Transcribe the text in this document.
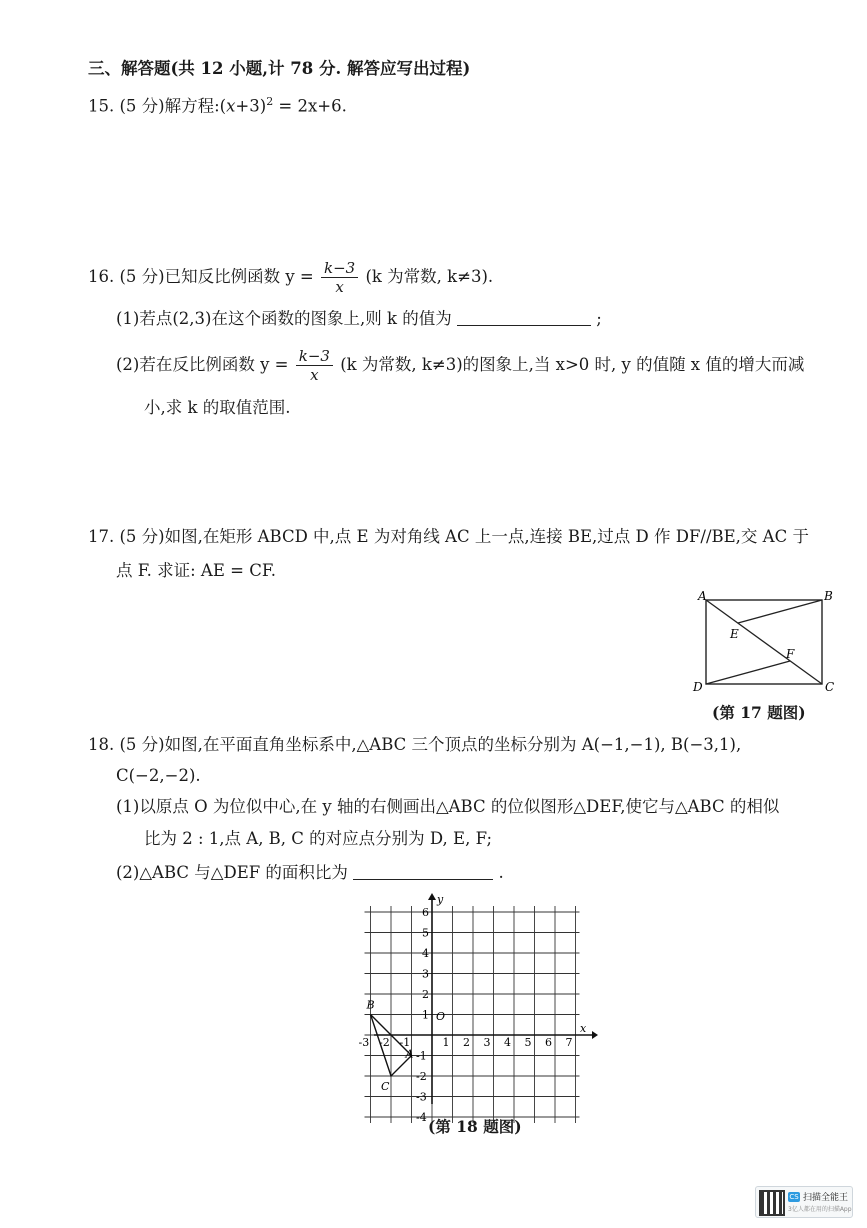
三、解答题(共 12 小题,计 78 分. 解答应写出过程)
15. (5 分)解方程$:(x+3)^2 = 2x+6$.
16. (5 分)已知反比例函数 $y = \frac{k-3}{x} (k$ 为常数, k≠3).
(1)若点(2,3)在这个函数的图象上,则 k 的值为	;
(2)若在反比例函数 $y = \frac{k-3}{x} (k$ 为常数, k≠3)的图象上,当 x>0 时, y 的值随 x 值的增大而减
小,求 k 的取值范围.
17. (5 分)如图,在矩形 ABCD 中,点 E 为对角线 AC 上一点,连接 BE,过点 D 作 DF//BE,交 AC 于
点 F. 求证: AE = CF.
A	B
C
D
E
F
(第 17 题图)
18. (5 分)如图,在平面直角坐标系中,△ABC 三个顶点的坐标分别为 A(−1,−1), B(−3,1),
C(−2,−2).
(1)以原点 O 为位似中心,在 y 轴的右侧画出△ABC 的位似图形△DEF,使它与△ABC 的相似
比为 2 : 1,点 A, B, C 的对应点分别为 D, E, F;
(2)△ABC 与△DEF 的面积比为	.
x
y
O
1 2 3 4 5 6 7
-1
-2
-3
1
2
3
4
5
6
-1
-2
-3
-4
A
B
C
(第 18 题图)
CS 扫描全能王
3亿人都在用的扫描App
